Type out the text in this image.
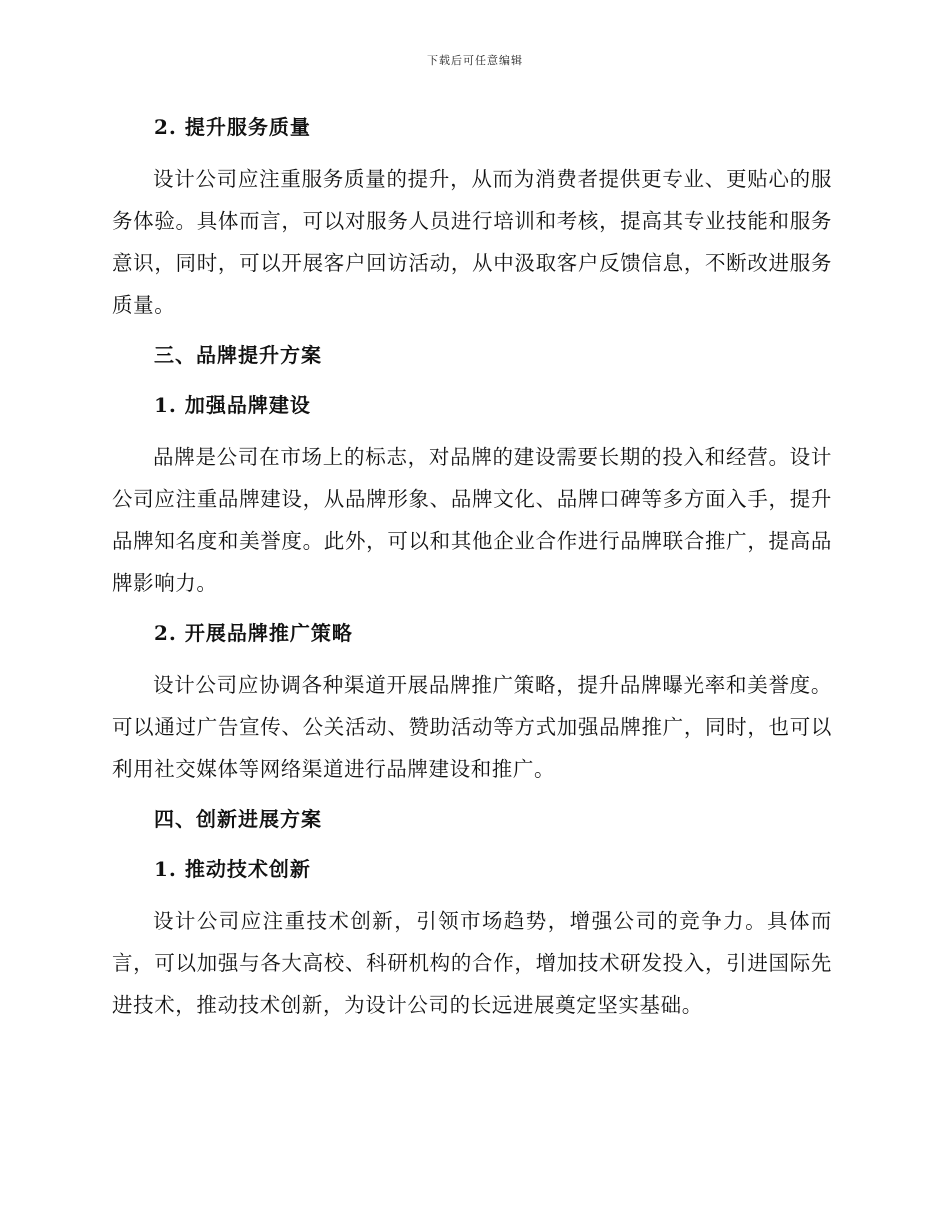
下载后可任意编辑
2. 提升服务质量

设计公司应注重服务质量的提升，从而为消费者提供更专业、更贴心的服务体验。具体而言，可以对服务人员进行培训和考核，提高其专业技能和服务意识，同时，可以开展客户回访活动，从中汲取客户反馈信息，不断改进服务质量。

三、品牌提升方案
1. 加强品牌建设

品牌是公司在市场上的标志，对品牌的建设需要长期的投入和经营。设计公司应注重品牌建设，从品牌形象、品牌文化、品牌口碑等多方面入手，提升品牌知名度和美誉度。此外，可以和其他企业合作进行品牌联合推广，提高品牌影响力。

2. 开展品牌推广策略

设计公司应协调各种渠道开展品牌推广策略，提升品牌曝光率和美誉度。可以通过广告宣传、公关活动、赞助活动等方式加强品牌推广，同时，也可以利用社交媒体等网络渠道进行品牌建设和推广。

四、创新进展方案
1. 推动技术创新

设计公司应注重技术创新，引领市场趋势，增强公司的竞争力。具体而言，可以加强与各大高校、科研机构的合作，增加技术研发投入，引进国际先进技术，推动技术创新，为设计公司的长远进展奠定坚实基础。
